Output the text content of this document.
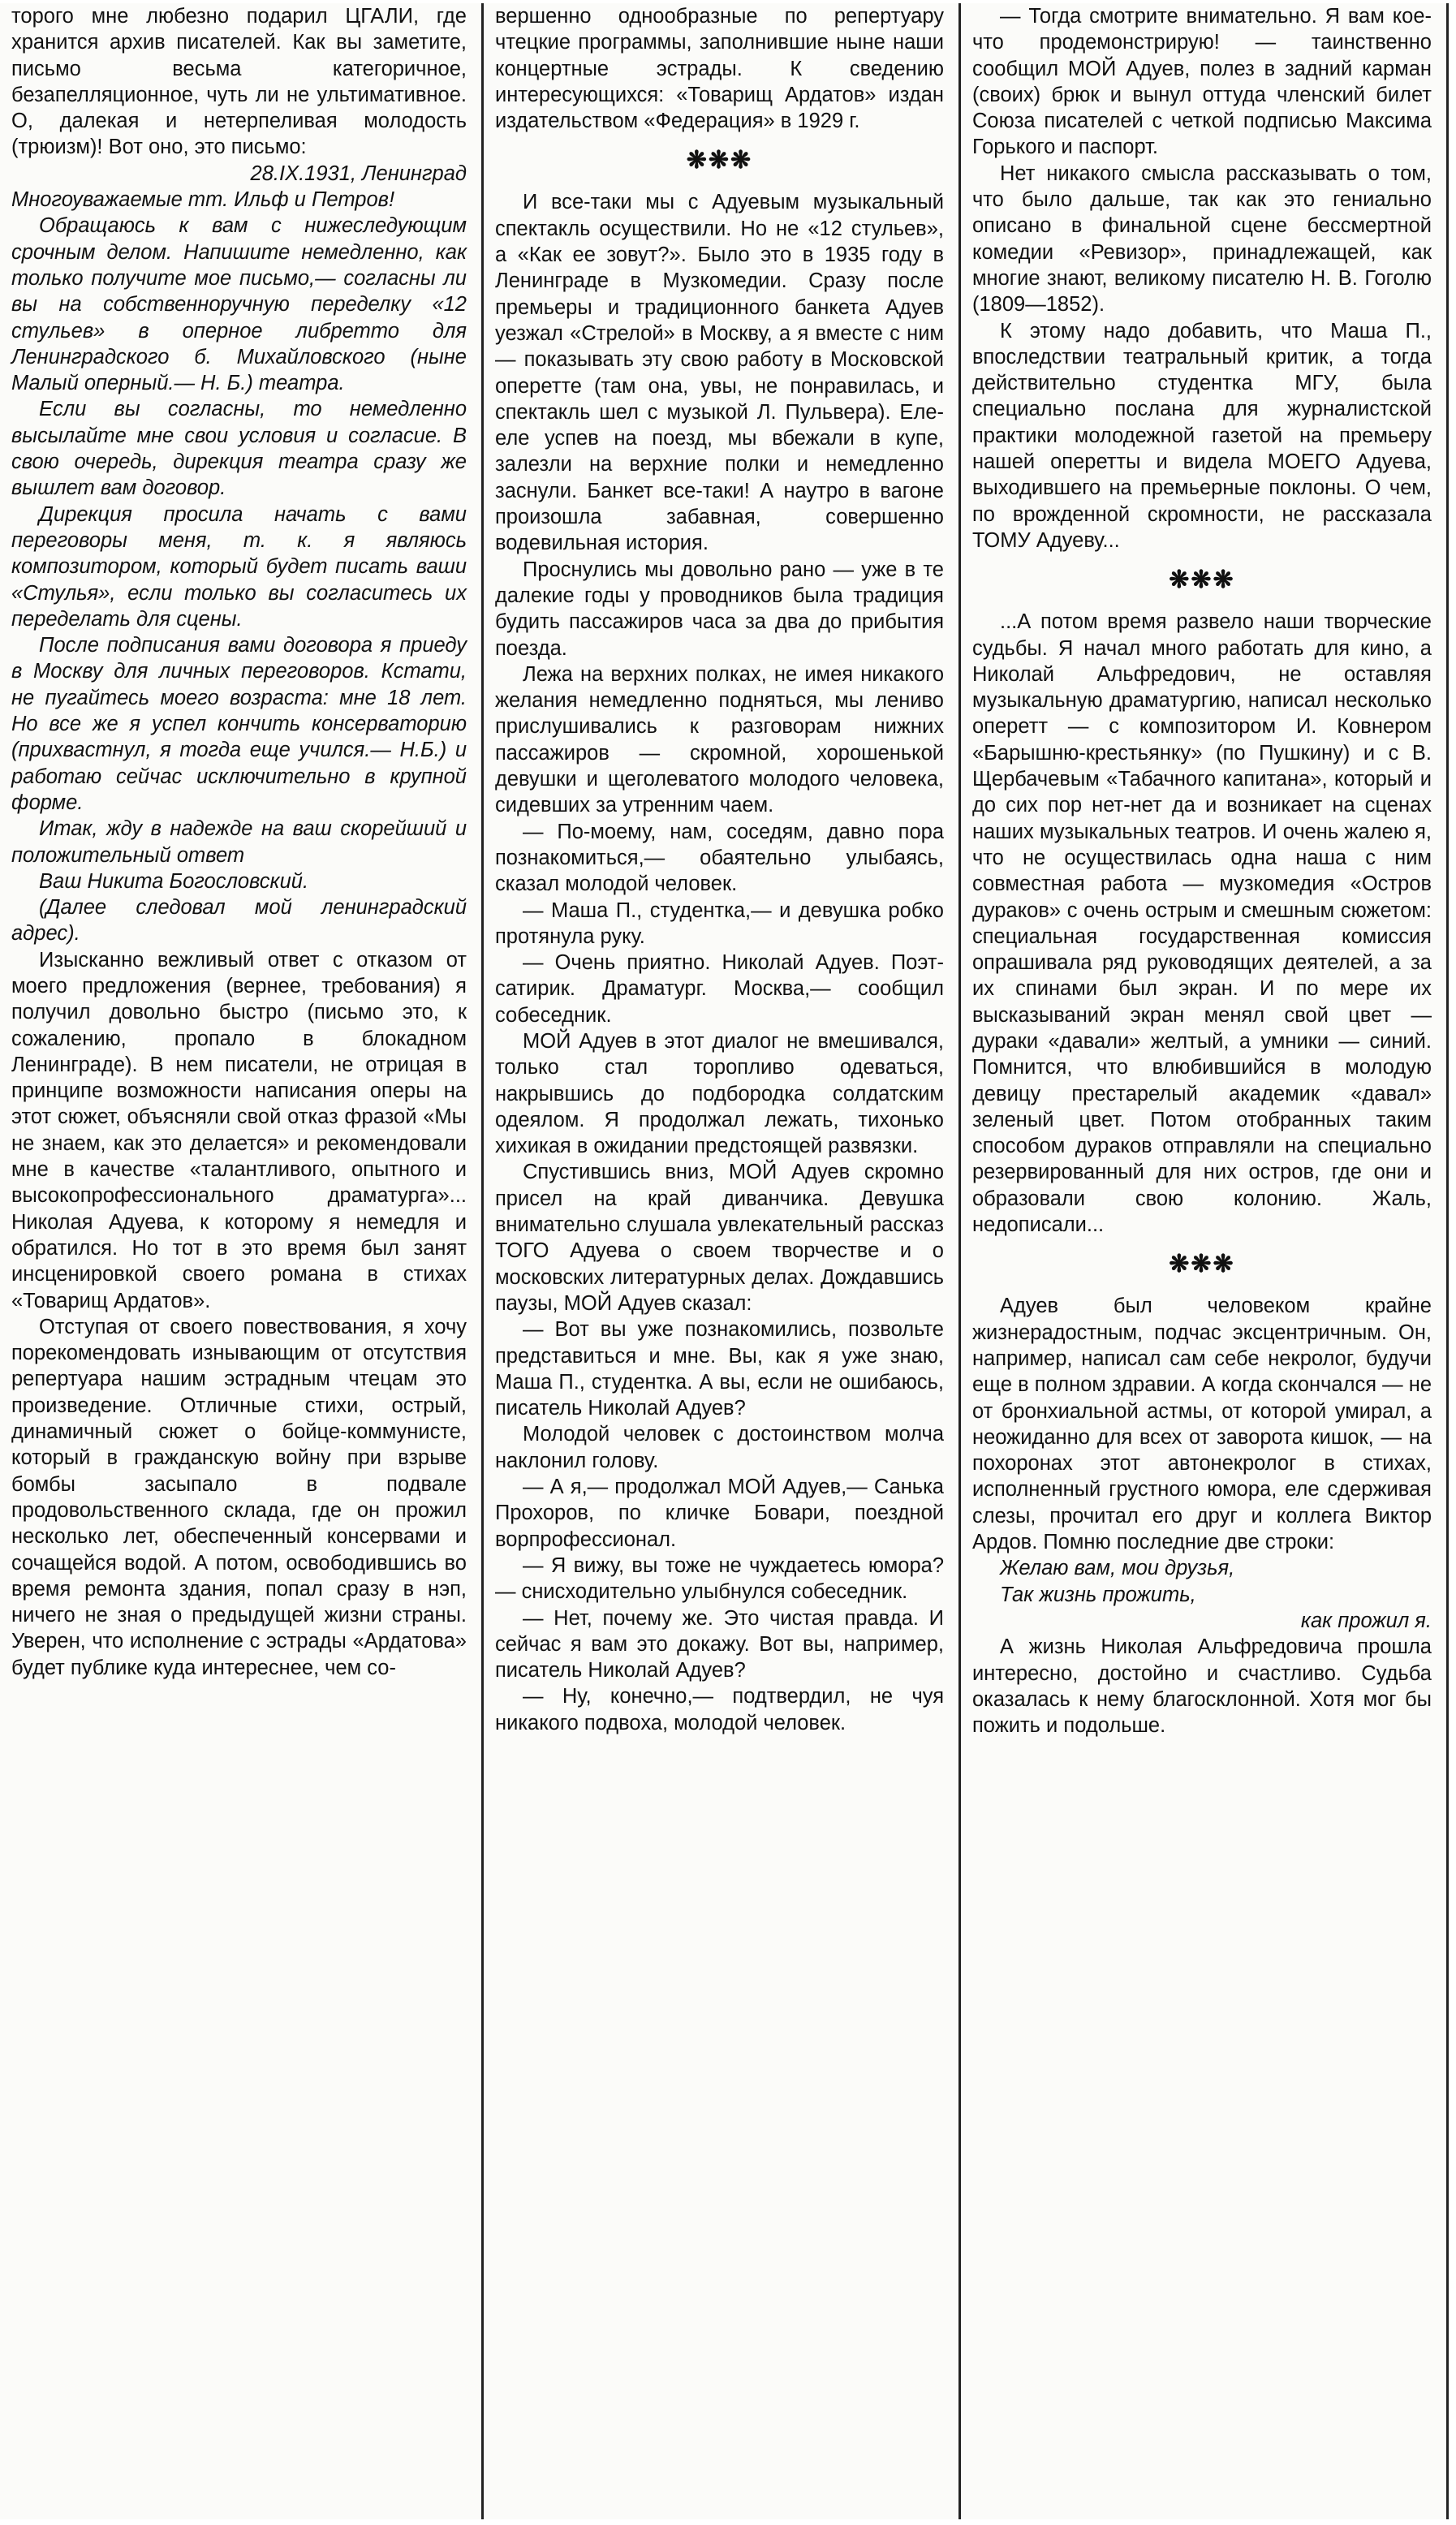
торого мне любезно подарил ЦГАЛИ, где хранится архив писателей. Как вы заметите, письмо весьма категоричное, безапелляционное, чуть ли не ультимативное. О, далекая и нетерпеливая молодость (трюизм)! Вот оно, это письмо:

28.IX.1931, Ленинград

Многоуважаемые тт. Ильф и Петров!

Обращаюсь к вам с нижеследующим срочным делом. Напишите немедленно, как только получите мое письмо,— согласны ли вы на собственноручную переделку «12 стульев» в оперное либретто для Ленинградского б. Михайловского (ныне Малый оперный.— Н. Б.) театра.

Если вы согласны, то немедленно высылайте мне свои условия и согласие. В свою очередь, дирекция театра сразу же вышлет вам договор.

Дирекция просила начать с вами переговоры меня, т. к. я являюсь композитором, который будет писать ваши «Стулья», если только вы согласитесь их переделать для сцены.

После подписания вами договора я приеду в Москву для личных переговоров. Кстати, не пугайтесь моего возраста: мне 18 лет. Но все же я успел кончить консерваторию (прихвастнул, я тогда еще учился.— Н.Б.) и работаю сейчас исключительно в крупной форме.

Итак, жду в надежде на ваш скорейший и положительный ответ

Ваш Никита Богословский.

(Далее следовал мой ленинградский адрес).

Изысканно вежливый ответ с отказом от моего предложения (вернее, требования) я получил довольно быстро (письмо это, к сожалению, пропало в блокадном Ленинграде). В нем писатели, не отрицая в принципе возможности написания оперы на этот сюжет, объясняли свой отказ фразой «Мы не знаем, как это делается» и рекомендовали мне в качестве «талантливого, опытного и высокопрофессионального драматурга»... Николая Адуева, к которому я немедля и обратился. Но тот в это время был занят инсценировкой своего романа в стихах «Товарищ Ардатов».

Отступая от своего повествования, я хочу порекомендовать изнывающим от отсутствия репертуара нашим эстрадным чтецам это произведение. Отличные стихи, острый, динамичный сюжет о бойце-коммунисте, который в гражданскую войну при взрыве бомбы засыпало в подвале продовольственного склада, где он прожил несколько лет, обеспеченный консервами и сочащейся водой. А потом, освободившись во время ремонта здания, попал сразу в нэп, ничего не зная о предыдущей жизни страны. Уверен, что исполнение с эстрады «Ардатова» будет публике куда интереснее, чем со-

вершенно однообразные по репертуару чтецкие программы, заполнившие ныне наши концертные эстрады. К сведению интересующихся: «Товарищ Ардатов» издан издательством «Федерация» в 1929 г.

❋❋❋

И все-таки мы с Адуевым музыкальный спектакль осуществили. Но не «12 стульев», а «Как ее зовут?». Было это в 1935 году в Ленинграде в Музкомедии. Сразу после премьеры и традиционного банкета Адуев уезжал «Стрелой» в Москву, а я вместе с ним — показывать эту свою работу в Московской оперетте (там она, увы, не понравилась, и спектакль шел с музыкой Л. Пульвера). Еле-еле успев на поезд, мы вбежали в купе, залезли на верхние полки и немедленно заснули. Банкет все-таки! А наутро в вагоне произошла забавная, совершенно водевильная история.

Проснулись мы довольно рано — уже в те далекие годы у проводников была традиция будить пассажиров часа за два до прибытия поезда.

Лежа на верхних полках, не имея никакого желания немедленно подняться, мы лениво прислушивались к разговорам нижних пассажиров — скромной, хорошенькой девушки и щеголеватого молодого человека, сидевших за утренним чаем.

— По-моему, нам, соседям, давно пора познакомиться,— обаятельно улыбаясь, сказал молодой человек.

— Маша П., студентка,— и девушка робко протянула руку.

— Очень приятно. Николай Адуев. Поэт-сатирик. Драматург. Москва,— сообщил собеседник.

МОЙ Адуев в этот диалог не вмешивался, только стал торопливо одеваться, накрывшись до подбородка солдатским одеялом. Я продолжал лежать, тихонько хихикая в ожидании предстоящей развязки.

Спустившись вниз, МОЙ Адуев скромно присел на край диванчика. Девушка внимательно слушала увлекательный рассказ ТОГО Адуева о своем творчестве и о московских литературных делах. Дождавшись паузы, МОЙ Адуев сказал:

— Вот вы уже познакомились, позвольте представиться и мне. Вы, как я уже знаю, Маша П., студентка. А вы, если не ошибаюсь, писатель Николай Адуев?

Молодой человек с достоинством молча наклонил голову.

— А я,— продолжал МОЙ Адуев,— Санька Прохоров, по кличке Бовари, поездной ворпрофессионал.

— Я вижу, вы тоже не чуждаетесь юмора? — снисходительно улыбнулся собеседник.

— Нет, почему же. Это чистая правда. И сейчас я вам это докажу. Вот вы, например, писатель Николай Адуев?

— Ну, конечно,— подтвердил, не чуя никакого подвоха, молодой человек.

— Тогда смотрите внимательно. Я вам кое-что продемонстрирую! — таинственно сообщил МОЙ Адуев, полез в задний карман (своих) брюк и вынул оттуда членский билет Союза писателей с четкой подписью Максима Горького и паспорт.

Нет никакого смысла рассказывать о том, что было дальше, так как это гениально описано в финальной сцене бессмертной комедии «Ревизор», принадлежащей, как многие знают, великому писателю Н. В. Гоголю (1809—1852).

К этому надо добавить, что Маша П., впоследствии театральный критик, а тогда действительно студентка МГУ, была специально послана для журналистской практики молодежной газетой на премьеру нашей оперетты и видела МОЕГО Адуева, выходившего на премьерные поклоны. О чем, по врожденной скромности, не рассказала ТОМУ Адуеву...

❋❋❋

...А потом время развело наши творческие судьбы. Я начал много работать для кино, а Николай Альфредович, не оставляя музыкальную драматургию, написал несколько оперетт — с композитором И. Ковнером «Барышню-крестьянку» (по Пушкину) и с В. Щербачевым «Табачного капитана», который и до сих пор нет-нет да и возникает на сценах наших музыкальных театров. И очень жалею я, что не осуществилась одна наша с ним совместная работа — музкомедия «Остров дураков» с очень острым и смешным сюжетом: специальная государственная комиссия опрашивала ряд руководящих деятелей, а за их спинами был экран. И по мере их высказываний экран менял свой цвет — дураки «давали» желтый, а умники — синий. Помнится, что влюбившийся в молодую девицу престарелый академик «давал» зеленый цвет. Потом отобранных таким способом дураков отправляли на специально резервированный для них остров, где они и образовали свою колонию. Жаль, недописали...

❋❋❋

Адуев был человеком крайне жизнерадостным, подчас эксцентричным. Он, например, написал сам себе некролог, будучи еще в полном здравии. А когда скончался — не от бронхиальной астмы, от которой умирал, а неожиданно для всех от заворота кишок, — на похоронах этот автонекролог в стихах, исполненный грустного юмора, еле сдерживая слезы, прочитал его друг и коллега Виктор Ардов. Помню последние две строки:

Желаю вам, мои друзья,

Так жизнь прожить,

как прожил я.

А жизнь Николая Альфредовича прошла интересно, достойно и счастливо. Судьба оказалась к нему благосклонной. Хотя мог бы пожить и подольше.
